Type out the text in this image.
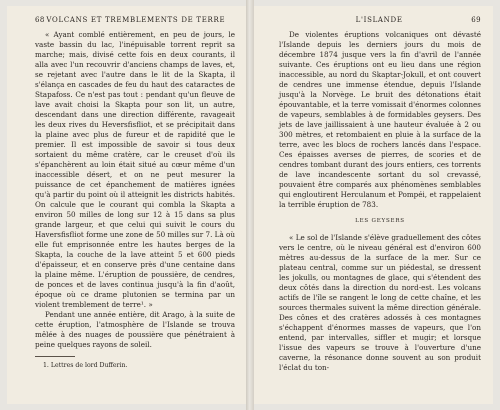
68 VOLCANS ET TREMBLEMENTS DE TERRE

« Ayant comblé entièrement, en peu de jours, le vaste bassin du lac, l'inépuisable torrent reprit sa marche; mais, divisé cette fois en deux courants, il alla avec l'un recouvrir d'anciens champs de laves, et, se rejetant avec l'autre dans le lit de la Skapta, il s'élança en cascades de feu du haut des cataractes de Stapafoss. Ce n'est pas tout : pendant qu'un fleuve de lave avait choisi la Skapta pour son lit, un autre, descendant dans une direction différente, ravageait les deux rives du Heversfisfliot, et se précipitait dans la plaine avec plus de fureur et de rapidité que le premier. Il est impossible de savoir si tous deux sortaient du même cratère, car le creuset d'où ils s'épanchèrent au loin était situé au cœur même d'un inaccessible désert, et on ne peut mesurer la puissance de cet épanchement de matières ignées qu'à partir du point où il atteignit les districts habités. On calcule que le courant qui combla la Skapta a environ 50 milles de long sur 12 à 15 dans sa plus grande largeur, et que celui qui suivit le cours du Haversfisfliot forme une zone de 50 milles sur 7. Là où elle fut emprisonnée entre les hautes berges de la Skapta, la couche de la lave atteint 5 et 600 pieds d'épaisseur, et en conserve près d'une centaine dans la plaine même. L'éruption de poussière, de cendres, de ponces et de laves continua jusqu'à la fin d'août, époque où ce drame plutonien se termina par un violent tremblement de terre¹. »

Pendant une année entière, dit Arago, à la suite de cette éruption, l'atmosphère de l'Islande se trouva mêlée à des nuages de poussière que pénétraient à peine quelques rayons de soleil.

1. Lettres de lord Dufferin.
L'ISLANDE	69

De violentes éruptions volcaniques ont dévasté l'Islande depuis les derniers jours du mois de décembre 1874 jusque vers la fin d'avril de l'année suivante. Ces éruptions ont eu lieu dans une région inaccessible, au nord du Skaptar-Jokull, et ont couvert de cendres une immense étendue, depuis l'Islande jusqu'à la Norvège. Le bruit des détonations était épouvantable, et la terre vomissait d'énormes colonnes de vapeurs, semblables à de formidables geysers. Des jets de lave jaillissaient à une hauteur évaluée à 2 ou 300 mètres, et retombaient en pluie à la surface de la terre, avec les blocs de rochers lancés dans l'espace. Ces épaisses averses de pierres, de scories et de cendres tombant durant des jours entiers, ces torrents de lave incandescente sortant du sol crevassé, pouvaient être comparés aux phénomènes semblables qui engloutirent Herculanum et Pompéi, et rappelaient la terrible éruption de 783.

LES GEYSERS

« Le sol de l'Islande s'élève graduellement des côtes vers le centre, où le niveau général est d'environ 600 mètres au-dessus de la surface de la mer. Sur ce plateau central, comme sur un piédestal, se dressent les jokulls, ou montagnes de glace, qui s'étendent des deux côtés dans la direction du nord-est. Les volcans actifs de l'île se rangent le long de cette chaîne, et les sources thermales suivent la même direction générale. Des cônes et des cratères adossés à ces montagnes s'échappent d'énormes masses de vapeurs, que l'on entend, par intervalles, siffler et mugir; et lorsque l'issue des vapeurs se trouve à l'ouverture d'une caverne, la résonance donne souvent au son produit l'éclat du ton-
